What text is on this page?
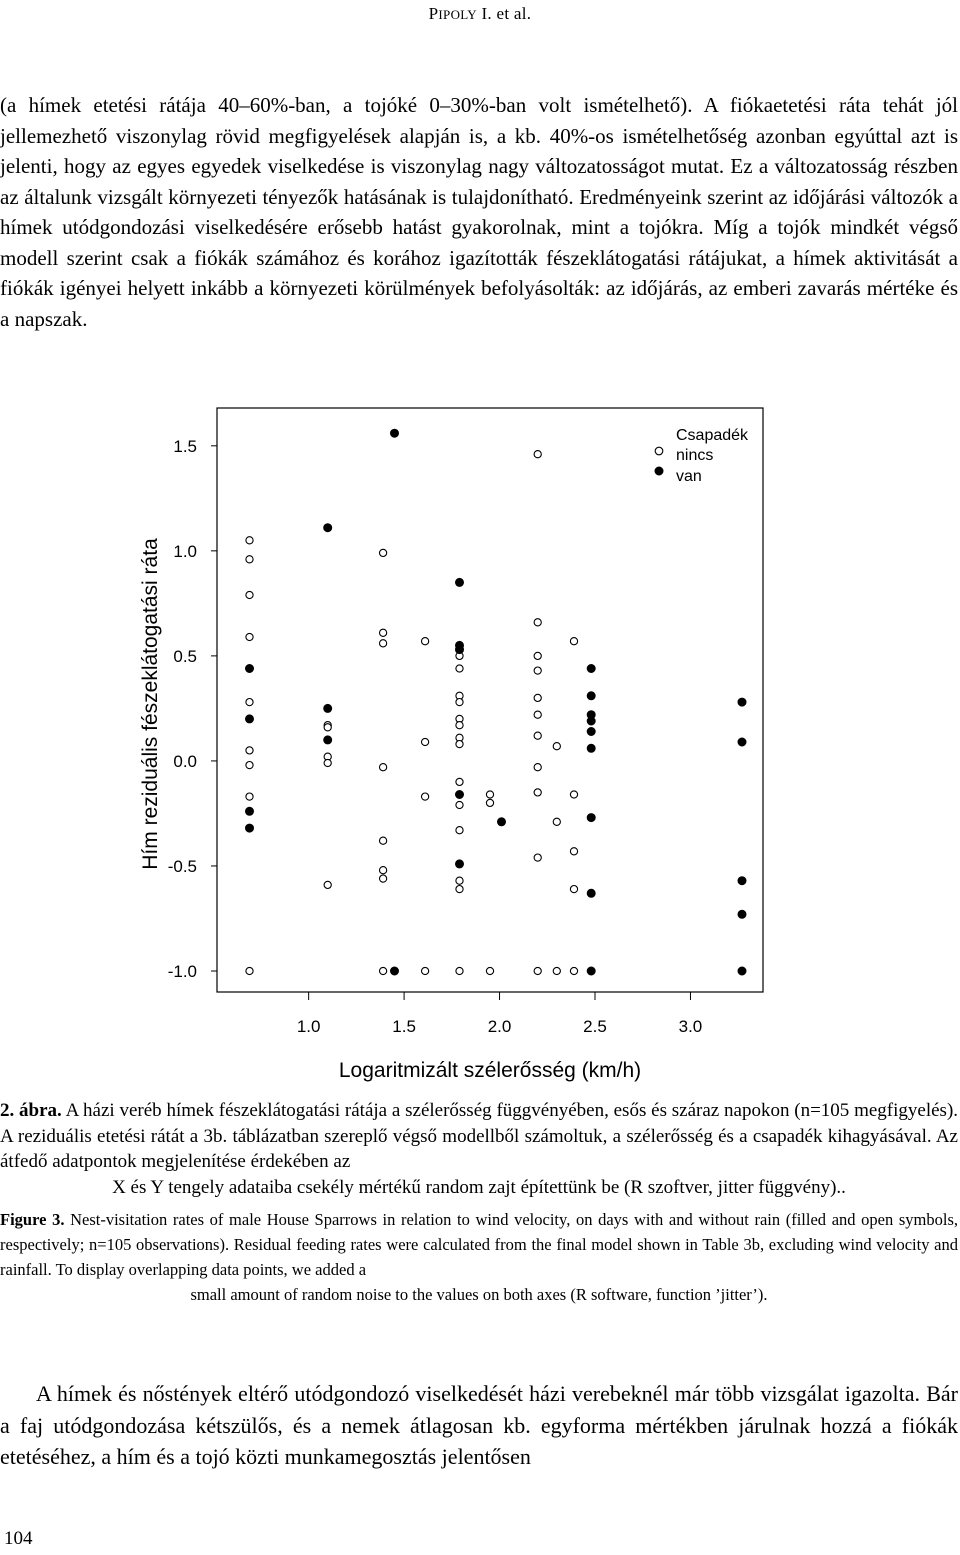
PIPOLY I. et al.

(a hímek etetési rátája 40–60%-ban, a tojóké 0–30%-ban volt ismételhető). A fiókaetetési ráta tehát jól jellemezhető viszonylag rövid megfigyelések alapján is, a kb. 40%-os ismételhetőség azonban egyúttal azt is jelenti, hogy az egyes egyedek viselkedése is viszonylag nagy változatosságot mutat. Ez a változatosság részben az általunk vizsgált környezeti tényezők hatásának is tulajdonítható. Eredményeink szerint az időjárási változók a hímek utódgondozási viselkedésére erősebb hatást gyakorolnak, mint a tojókra. Míg a tojók mindkét végső modell szerint csak a fiókák számához és korához igazították fészeklátogatási rátájukat, a hímek aktivitását a fiókák igényei helyett inkább a környezeti körülmények befolyásolták: az időjárás, az emberi zavarás mértéke és a napszak.

1.5
1.0
0.5
0.0
-0.5
-1.0
1.0	1.5	2.0	2.5	3.0
Hím reziduális fészeklátogatási ráta
Logaritmizált szélerősség (km/h)
Csapadék
nincs
van
2. ábra. A házi veréb hímek fészeklátogatási rátája a szélerősség függvényében, esős és száraz napokon (n=105 megfigyelés). A reziduális etetési rátát a 3b. táblázatban szereplő végső modellből számoltuk, a szélerősség és a csapadék kihagyásával. Az átfedő adatpontok megjelenítése érdekében az
X és Y tengely adataiba csekély mértékű random zajt építettünk be (R szoftver, jitter függvény)..
Figure 3. Nest-visitation rates of male House Sparrows in relation to wind velocity, on days with and without rain (filled and open symbols, respectively; n=105 observations). Residual feeding rates were calculated from the final model shown in Table 3b, excluding wind velocity and rainfall. To display overlapping data points, we added a
small amount of random noise to the values on both axes (R software, function ’jitter’).

A hímek és nőstények eltérő utódgondozó viselkedését házi verebeknél már több vizsgálat igazolta. Bár a faj utódgondozása kétszülős, és a nemek átlagosan kb. egyforma mértékben járulnak hozzá a fiókák etetéséhez, a hím és a tojó közti munkamegosztás jelentősen

104
